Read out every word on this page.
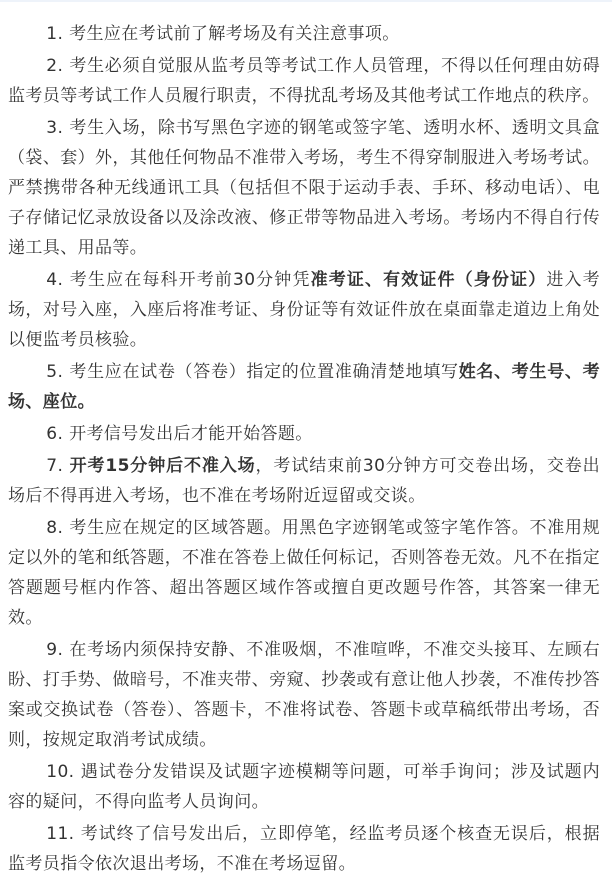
1. 考生应在考试前了解考场及有关注意事项。

2. 考生必须自觉服从监考员等考试工作人员管理，不得以任何理由妨碍监考员等考试工作人员履行职责，不得扰乱考场及其他考试工作地点的秩序。

3. 考生入场，除书写黑色字迹的钢笔或签字笔、透明水杯、透明文具盒（袋、套）外，其他任何物品不准带入考场，考生不得穿制服进入考场考试。严禁携带各种无线通讯工具（包括但不限于运动手表、手环、移动电话）、电子存储记忆录放设备以及涂改液、修正带等物品进入考场。考场内不得自行传递工具、用品等。

4. 考生应在每科开考前30分钟凭准考证、有效证件（身份证）进入考场，对号入座，入座后将准考证、身份证等有效证件放在桌面靠走道边上角处以便监考员核验。

5. 考生应在试卷（答卷）指定的位置准确清楚地填写姓名、考生号、考场、座位。

6. 开考信号发出后才能开始答题。

7. 开考15分钟后不准入场，考试结束前30分钟方可交卷出场，交卷出场后不得再进入考场，也不准在考场附近逗留或交谈。

8. 考生应在规定的区域答题。用黑色字迹钢笔或签字笔作答。不准用规定以外的笔和纸答题，不准在答卷上做任何标记，否则答卷无效。凡不在指定答题题号框内作答、超出答题区域作答或擅自更改题号作答，其答案一律无效。

9. 在考场内须保持安静、不准吸烟，不准喧哗，不准交头接耳、左顾右盼、打手势、做暗号，不准夹带、旁窥、抄袭或有意让他人抄袭，不准传抄答案或交换试卷（答卷）、答题卡，不准将试卷、答题卡或草稿纸带出考场，否则，按规定取消考试成绩。

10. 遇试卷分发错误及试题字迹模糊等问题，可举手询问；涉及试题内容的疑问，不得向监考人员询问。

11. 考试终了信号发出后，立即停笔，经监考员逐个核查无误后，根据监考员指令依次退出考场，不准在考场逗留。
